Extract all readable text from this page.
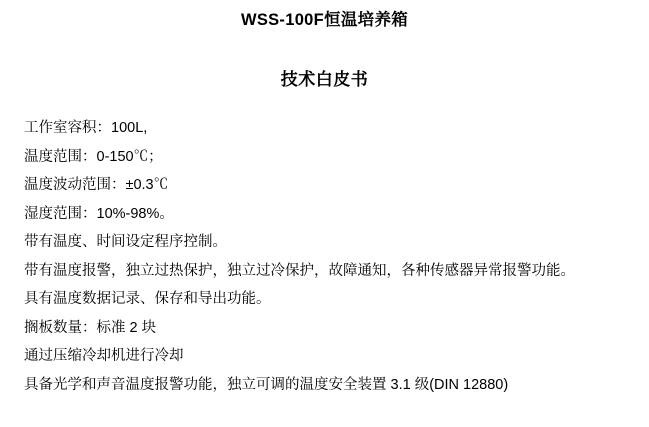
WSS-100F恒温培养箱
技术白皮书
工作室容积：100L,
温度范围：0-150℃；
温度波动范围：±0.3℃
湿度范围：10%-98%。
带有温度、时间设定程序控制。
带有温度报警，独立过热保护，独立过冷保护，故障通知，各种传感器异常报警功能。
具有温度数据记录、保存和导出功能。
搁板数量：标准 2 块
通过压缩冷却机进行冷却
具备光学和声音温度报警功能，独立可调的温度安全装置 3.1 级(DIN 12880)
